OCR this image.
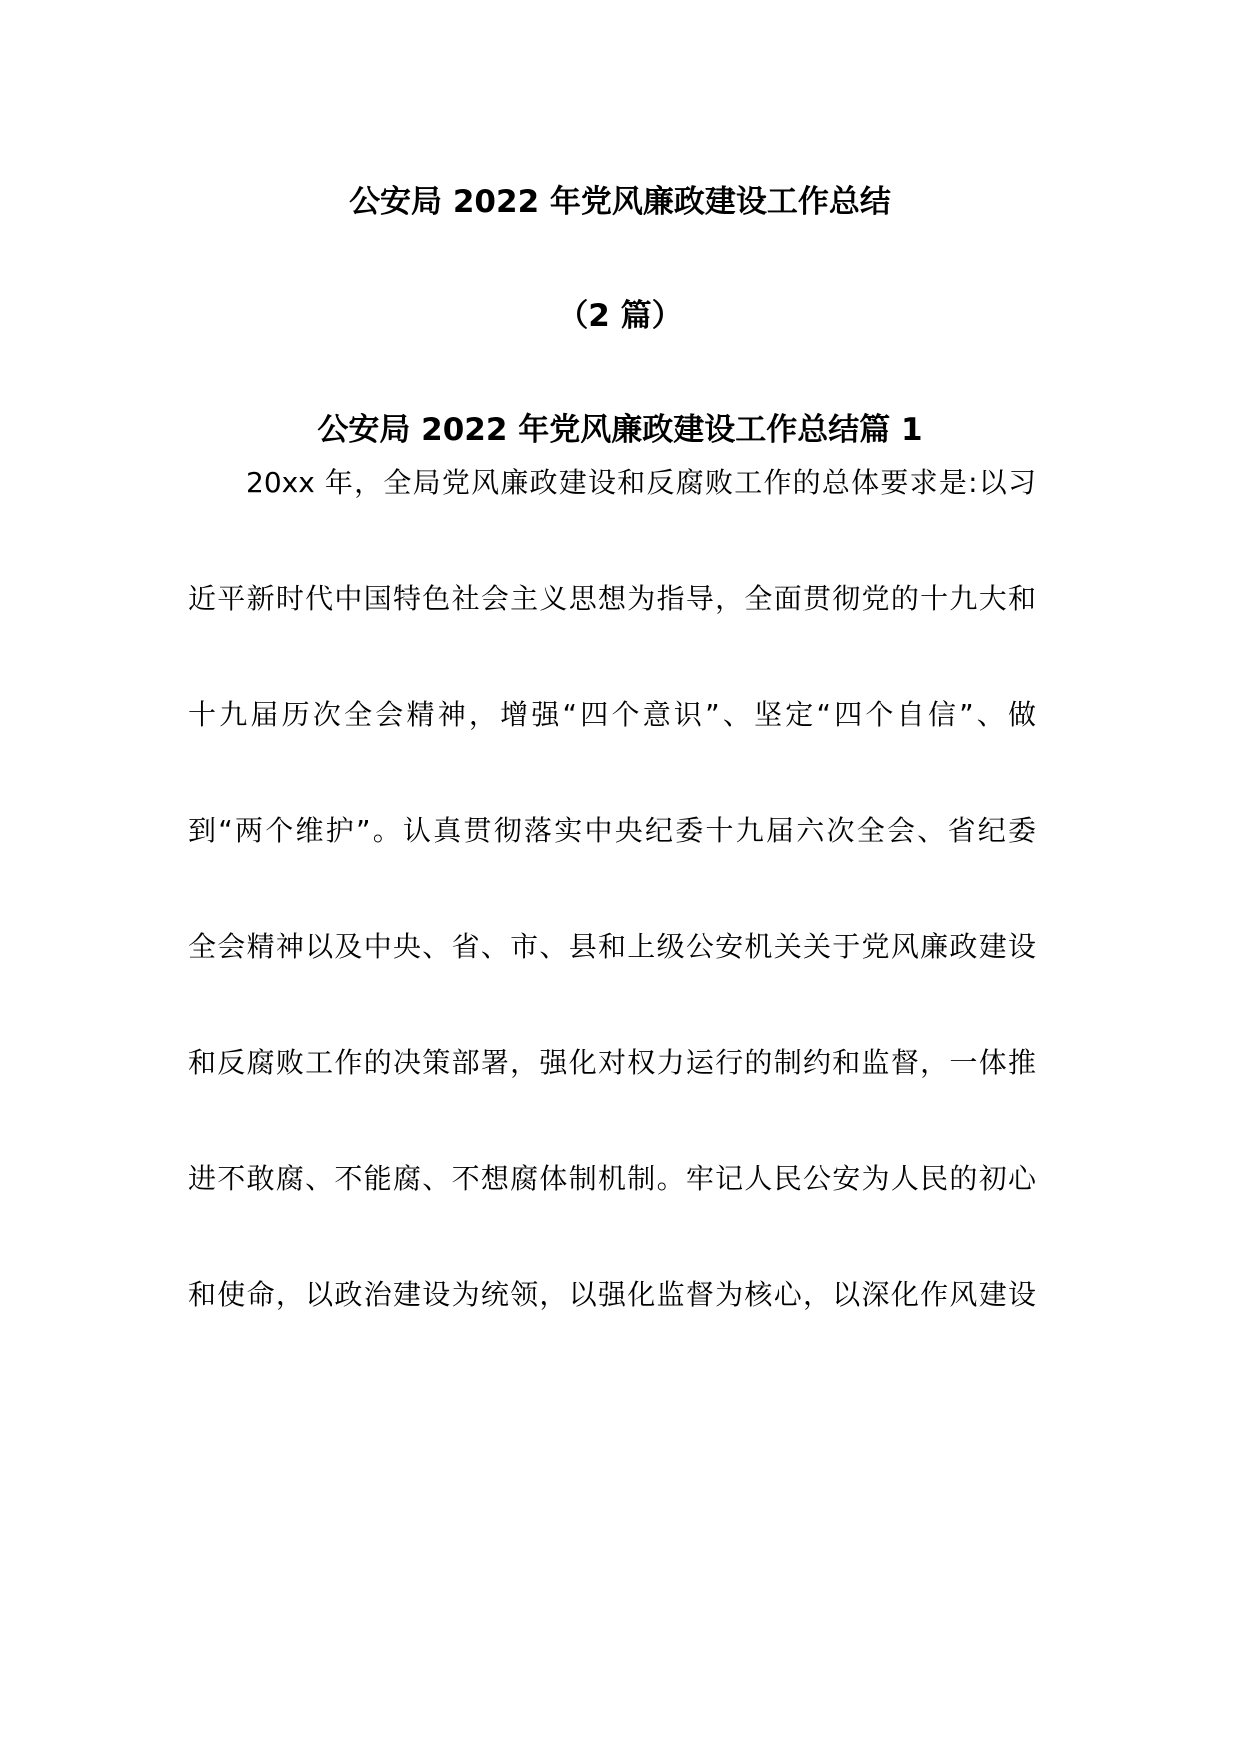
公安局 2022 年党风廉政建设工作总结
（2 篇）
公安局 2022 年党风廉政建设工作总结篇 1
20xx 年，全局党风廉政建设和反腐败工作的总体要求是:以习
近平新时代中国特色社会主义思想为指导，全面贯彻党的十九大和
十九届历次全会精神，增强“四个意识”、坚定“四个自信”、做
到“两个维护”。认真贯彻落实中央纪委十九届六次全会、省纪委
全会精神以及中央、省、市、县和上级公安机关关于党风廉政建设
和反腐败工作的决策部署，强化对权力运行的制约和监督，一体推
进不敢腐、不能腐、不想腐体制机制。牢记人民公安为人民的初心
和使命，以政治建设为统领，以强化监督为核心，以深化作风建设
